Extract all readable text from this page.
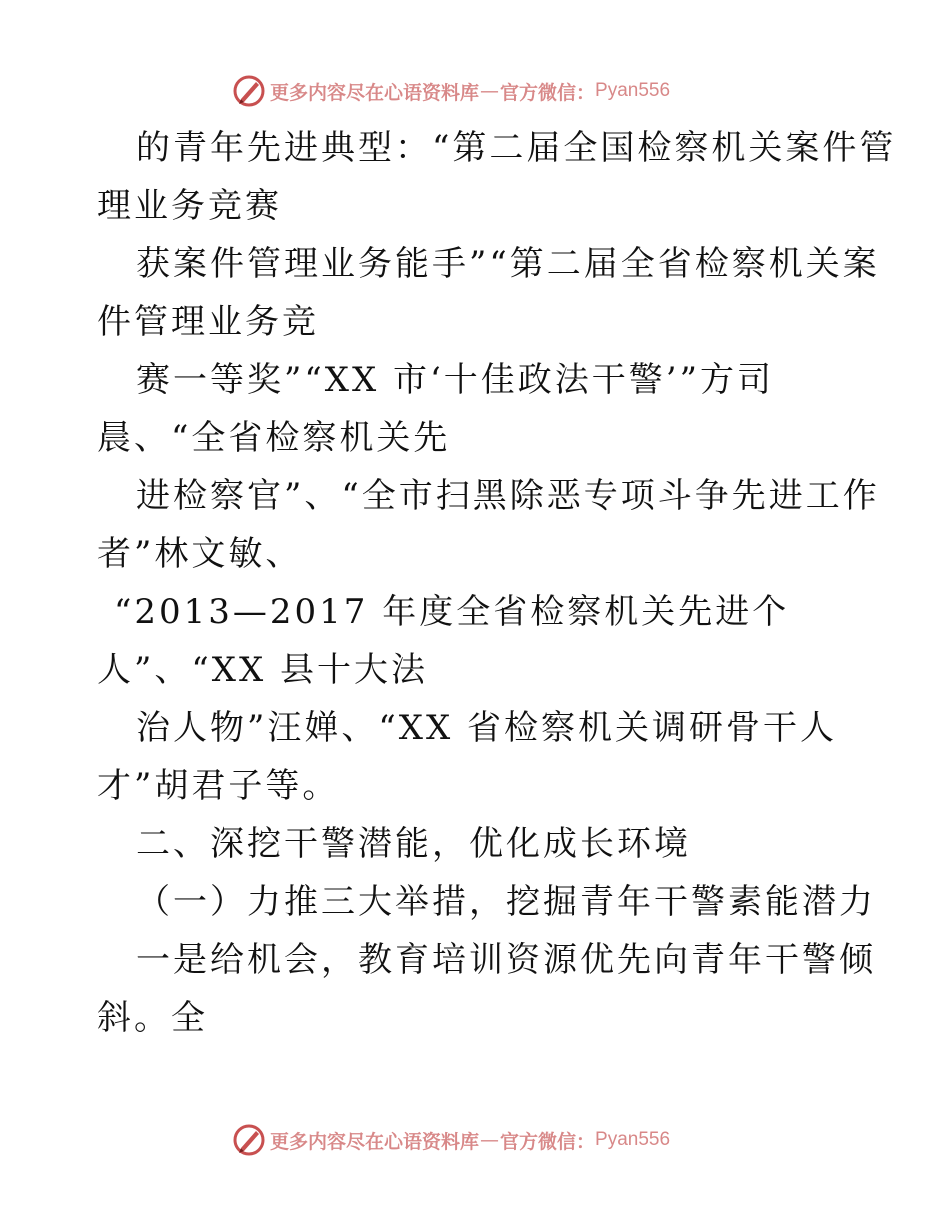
更多内容尽在心语资料库 — 官方微信： Pyan556
的青年先进典型：“第二届全国检察机关案件管
理业务竞赛
获案件管理业务能手”“第二届全省检察机关案
件管理业务竞
赛一等奖”“XX 市‘十佳政法干警’”方司
晨、“全省检察机关先
进检察官”、“全市扫黑除恶专项斗争先进工作
者”林文敏、
“2013—2017 年度全省检察机关先进个
人”、“XX 县十大法
治人物”汪婵、“XX 省检察机关调研骨干人
才”胡君子等。
二、深挖干警潜能，优化成长环境
（一）力推三大举措，挖掘青年干警素能潜力
一是给机会，教育培训资源优先向青年干警倾
斜。全
更多内容尽在心语资料库 — 官方微信： Pyan556
